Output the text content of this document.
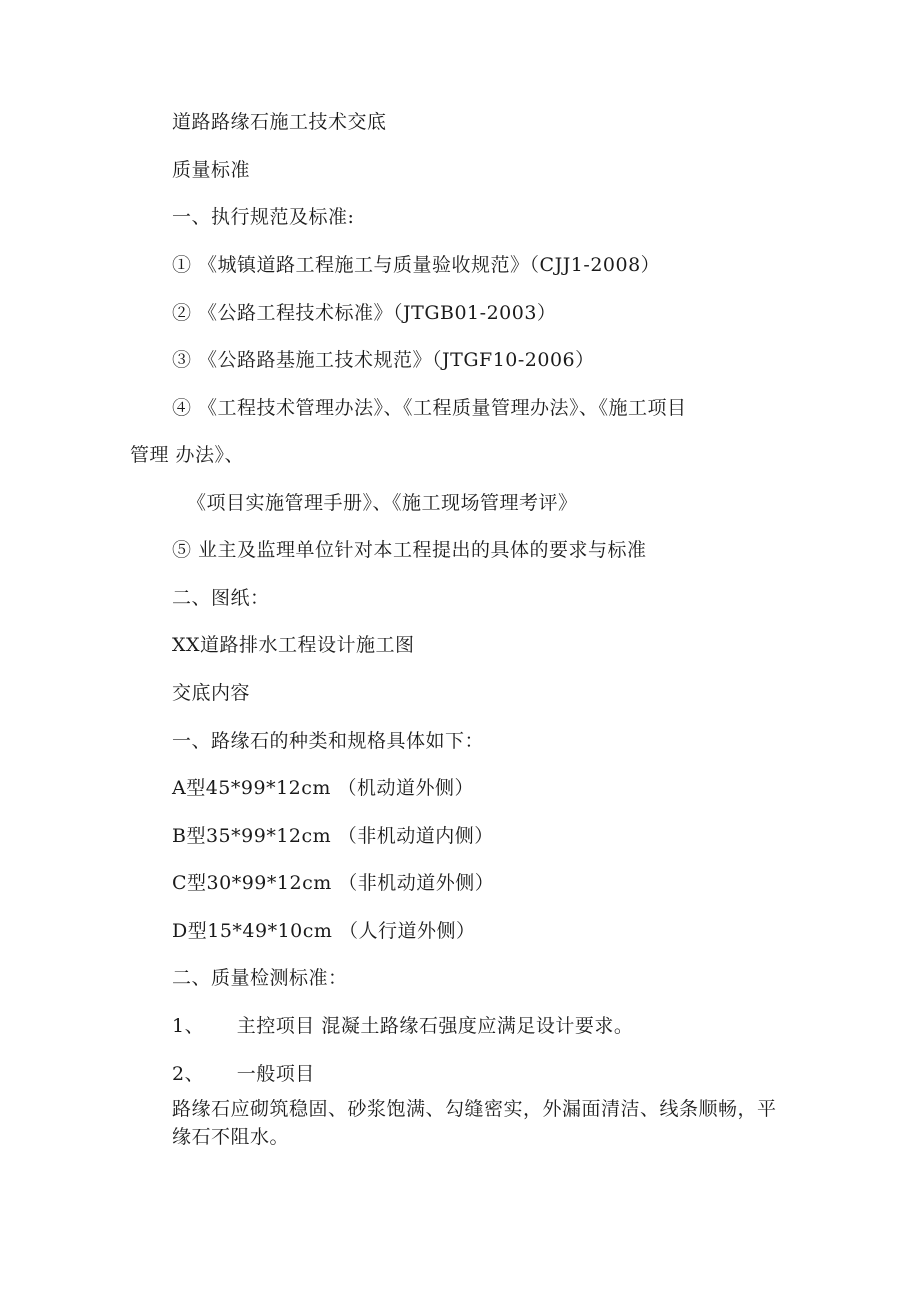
道路路缘石施工技术交底
质量标准
一、执行规范及标准:
① 《城镇道路工程施工与质量验收规范》（CJJ1-2008）
② 《公路工程技术标准》（JTGB01-2003）
③ 《公路路基施工技术规范》（JTGF10-2006）
④ 《工程技术管理办法》、《工程质量管理办法》、《施工项目
管理 办法》、
《项目实施管理手册》、《施工现场管理考评》
⑤ 业主及监理单位针对本工程提出的具体的要求与标准
二、图纸：
XX道路排水工程设计施工图
交底内容
一、路缘石的种类和规格具体如下：
A型45*99*12cm （机动道外侧）
B型35*99*12cm （非机动道内侧）
C型30*99*12cm （非机动道外侧）
D型15*49*10cm （人行道外侧）
二、质量检测标准：
1、     主控项目 混凝土路缘石强度应满足设计要求。
2、     一般项目
路缘石应砌筑稳固、砂浆饱满、勾缝密实，外漏面清洁、线条顺畅，平缘石不阻水。
